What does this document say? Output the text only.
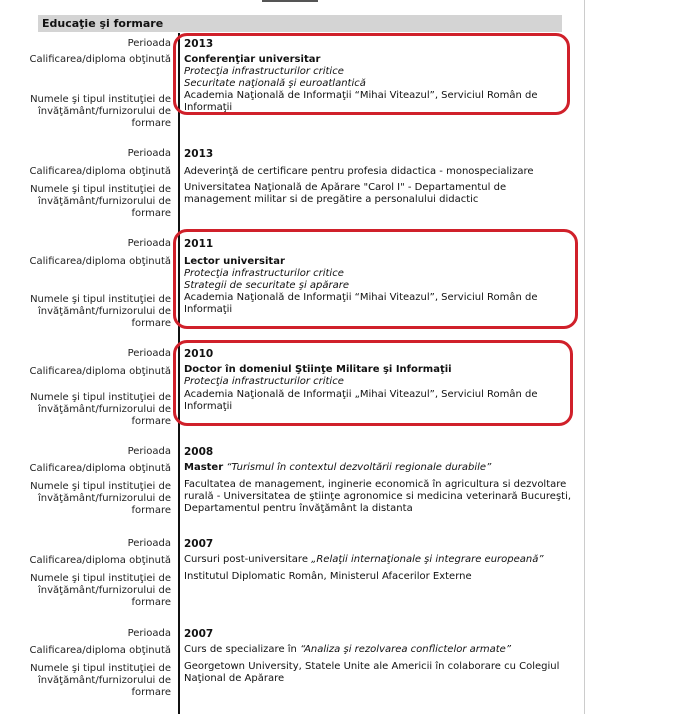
Educaţie şi formare
Perioada
Calificarea/diploma obţinută
Numele şi tipul instituţiei de învăţământ/furnizorului de formare
2013
Conferenţiar universitar
Protecţia infrastructurilor critice
Securitate naţională şi euroatlantică
Academia Naţională de Informaţii “Mihai Viteazul”, Serviciul Român de Informaţii
Perioada
Calificarea/diploma obţinută
Numele şi tipul instituţiei de învăţământ/furnizorului de formare
2013
Adeverinţă de certificare pentru profesia didactica - monospecializare
Universitatea Naţională de Apărare "Carol I" - Departamentul de management militar si de pregătire a personalului didactic
Perioada
Calificarea/diploma obţinută
Numele şi tipul instituţiei de învăţământ/furnizorului de formare
2011
Lector universitar
Protecţia infrastructurilor critice
Strategii de securitate şi apărare
Academia Naţională de Informaţii “Mihai Viteazul”, Serviciul Român de Informaţii
Perioada
Calificarea/diploma obţinută
Numele şi tipul instituţiei de învăţământ/furnizorului de formare
2010
Doctor în domeniul Ştiinţe Militare şi Informaţii
Protecţia infrastructurilor critice
Academia Naţională de Informaţii „Mihai Viteazul”, Serviciul Român de Informaţii
Perioada
Calificarea/diploma obţinută
Numele şi tipul instituţiei de învăţământ/furnizorului de formare
2008
Master “Turismul în contextul dezvoltării regionale durabile”
Facultatea de management, inginerie economică în agricultura si dezvoltare rurală - Universitatea de ştiinţe agronomice si medicina veterinară Bucureşti, Departamentul pentru învăţământ la distanta
Perioada
Calificarea/diploma obţinută
Numele şi tipul instituţiei de învăţământ/furnizorului de formare
2007
Cursuri post-universitare „Relaţii internaţionale şi integrare europeană”
Institutul Diplomatic Român, Ministerul Afacerilor Externe
Perioada
Calificarea/diploma obţinută
Numele şi tipul instituţiei de învăţământ/furnizorului de formare
2007
Curs de specializare în “Analiza şi rezolvarea conflictelor armate”
Georgetown University, Statele Unite ale Americii în colaborare cu Colegiul Naţional de Apărare
